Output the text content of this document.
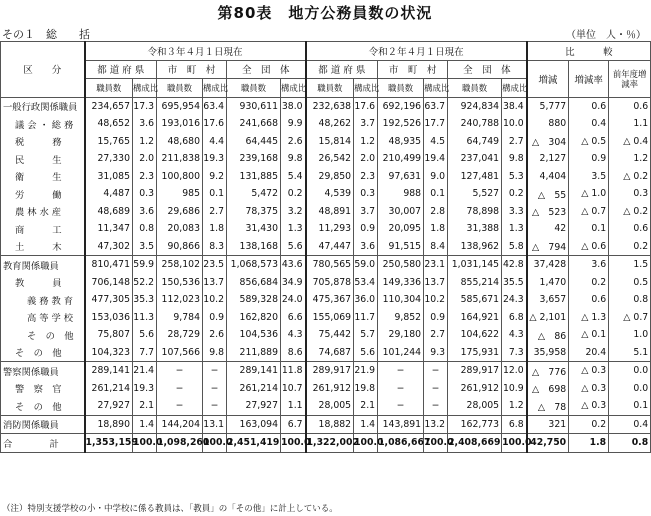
第80表　地方公務員数の状況
その１　総　　括	（単位　人・％）
区　　分	令和３年４月１日現在						令和２年４月１日現在						比　　　較		
	都 道 府 県		市　町　村		全　団　体		都 道 府 県		市　町　村		全　団　体		増減	増減率	前年度増減率
	職員数	構成比	職員数	構成比	職員数	構成比	職員数	構成比	職員数	構成比	職員数	構成比			
一般行政関係職員	234,657	17.3	695,954	63.4	930,611	38.0	232,638	17.6	692,196	63.7	924,834	38.4	5,777	0.6	0.6
議 会 ・ 総 務	48,652	3.6	193,016	17.6	241,668	9.9	48,262	3.7	192,526	17.7	240,788	10.0	880	0.4	1.1
税　　　務	15,765	1.2	48,680	4.4	64,445	2.6	15,814	1.2	48,935	4.5	64,749	2.7	△　304	△ 0.5	△ 0.4
民　　　生	27,330	2.0	211,838	19.3	239,168	9.8	26,542	2.0	210,499	19.4	237,041	9.8	2,127	0.9	1.2
衛　　　生	31,085	2.3	100,800	9.2	131,885	5.4	29,850	2.3	97,631	9.0	127,481	5.3	4,404	3.5	△ 0.2
労　　　働	4,487	0.3	985	0.1	5,472	0.2	4,539	0.3	988	0.1	5,527	0.2	△　55	△ 1.0	0.3
農 林 水 産	48,689	3.6	29,686	2.7	78,375	3.2	48,891	3.7	30,007	2.8	78,898	3.3	△　523	△ 0.7	△ 0.2
商　　　工	11,347	0.8	20,083	1.8	31,430	1.3	11,293	0.9	20,095	1.8	31,388	1.3	42	0.1	0.6
土　　　木	47,302	3.5	90,866	8.3	138,168	5.6	47,447	3.6	91,515	8.4	138,962	5.8	△　794	△ 0.6	0.2
教育関係職員	810,471	59.9	258,102	23.5	1,068,573	43.6	780,565	59.0	250,580	23.1	1,031,145	42.8	37,428	3.6	1.5
教　　　員	706,148	52.2	150,536	13.7	856,684	34.9	705,878	53.4	149,336	13.7	855,214	35.5	1,470	0.2	0.5
義 務 教 育	477,305	35.3	112,023	10.2	589,328	24.0	475,367	36.0	110,304	10.2	585,671	24.3	3,657	0.6	0.8
高 等 学 校	153,036	11.3	9,784	0.9	162,820	6.6	155,069	11.7	9,852	0.9	164,921	6.8	△ 2,101	△ 1.3	△ 0.7
そ　の　他	75,807	5.6	28,729	2.6	104,536	4.3	75,442	5.7	29,180	2.7	104,622	4.3	△　86	△ 0.1	1.0
そ　の　他	104,323	7.7	107,566	9.8	211,889	8.6	74,687	5.6	101,244	9.3	175,931	7.3	35,958	20.4	5.1
警察関係職員	289,141	21.4	−	−	289,141	11.8	289,917	21.9	−	−	289,917	12.0	△　776	△ 0.3	0.0
警　察　官	261,214	19.3	−	−	261,214	10.7	261,912	19.8	−	−	261,912	10.9	△　698	△ 0.3	0.0
そ　の　他	27,927	2.1	−	−	27,927	1.1	28,005	2.1	−	−	28,005	1.2	△　78	△ 0.3	0.1
消防関係職員	18,890	1.4	144,204	13.1	163,094	6.7	18,882	1.4	143,891	13.2	162,773	6.8	321	0.2	0.4
合　　　　計	1,353,159	100.0	1,098,260	100.0	2,451,419	100.0	1,322,002	100.0	1,086,667	100.0	2,408,669	100.0	42,750	1.8	0.8
（注）特別支援学校の小・中学校に係る教員は、「教員」の「その他」に計上している。
